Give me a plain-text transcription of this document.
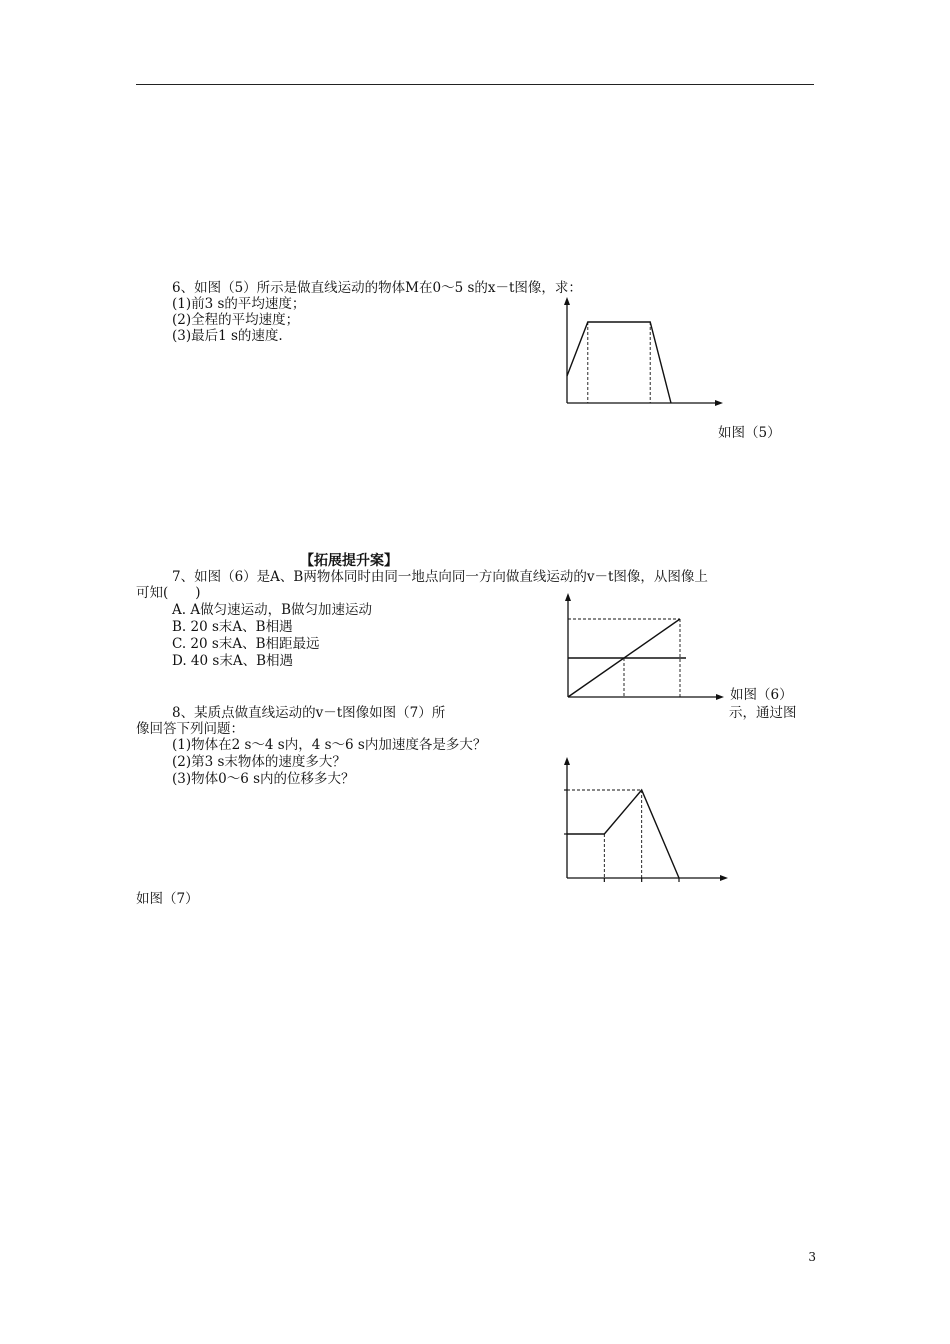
6、如图（5）所示是做直线运动的物体M在0～5 s的x－t图像，求：
(1)前3 s的平均速度；
(2)全程的平均速度；
(3)最后1 s的速度.
如图（5）
【拓展提升案】
7、如图（6）是A、B两物体同时由同一地点向同一方向做直线运动的v－t图像，从图像上
可知(　　)
A. A做匀速运动，B做匀加速运动
B. 20 s末A、B相遇
C. 20 s末A、B相距最远
D. 40 s末A、B相遇
如图（6）
8、某质点做直线运动的v－t图像如图（7）所	示，通过图
像回答下列问题：
(1)物体在2 s～4 s内，4 s～6 s内加速度各是多大？
(2)第3 s末物体的速度多大？
(3)物体0～6 s内的位移多大？
如图（7）
3
